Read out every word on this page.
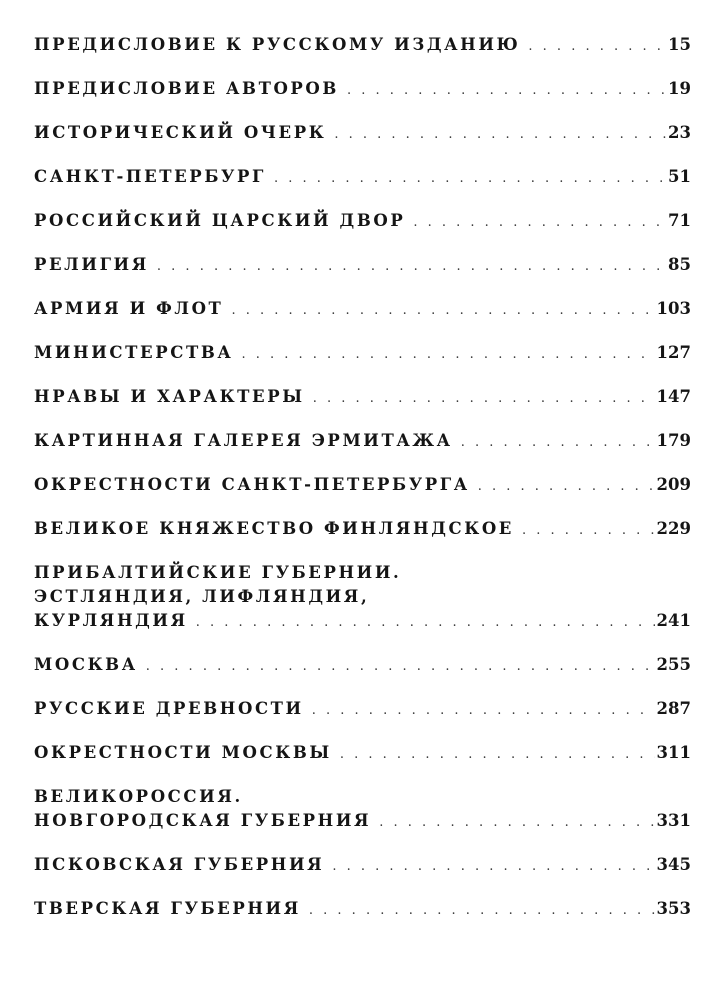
ПРЕДИСЛОВИЕ К РУССКОМУ ИЗДАНИЮ . . .	15
ПРЕДИСЛОВИЕ АВТОРОВ . . .	19
ИСТОРИЧЕСКИЙ ОЧЕРК . . .	23
САНКТ-ПЕТЕРБУРГ . . .	51
РОССИЙСКИЙ ЦАРСКИЙ ДВОР . . .	71
РЕЛИГИЯ . . .	85
АРМИЯ И ФЛОТ . . .	103
МИНИСТЕРСТВА . . .	127
НРАВЫ И ХАРАКТЕРЫ . . .	147
КАРТИННАЯ ГАЛЕРЕЯ ЭРМИТАЖА . . .	179
ОКРЕСТНОСТИ САНКТ-ПЕТЕРБУРГА . . .	209
ВЕЛИКОЕ КНЯЖЕСТВО ФИНЛЯНДСКОЕ . . .	229
ПРИБАЛТИЙСКИЕ ГУБЕРНИИ.
ЭСТЛЯНДИЯ, ЛИФЛЯНДИЯ,
КУРЛЯНДИЯ . . .	241
МОСКВА . . .	255
РУССКИЕ ДРЕВНОСТИ . . .	287
ОКРЕСТНОСТИ МОСКВЫ . . .	311
ВЕЛИКОРОССИЯ.
НОВГОРОДСКАЯ ГУБЕРНИЯ . . .	331
ПСКОВСКАЯ ГУБЕРНИЯ . . .	345
ТВЕРСКАЯ ГУБЕРНИЯ . . .	353
